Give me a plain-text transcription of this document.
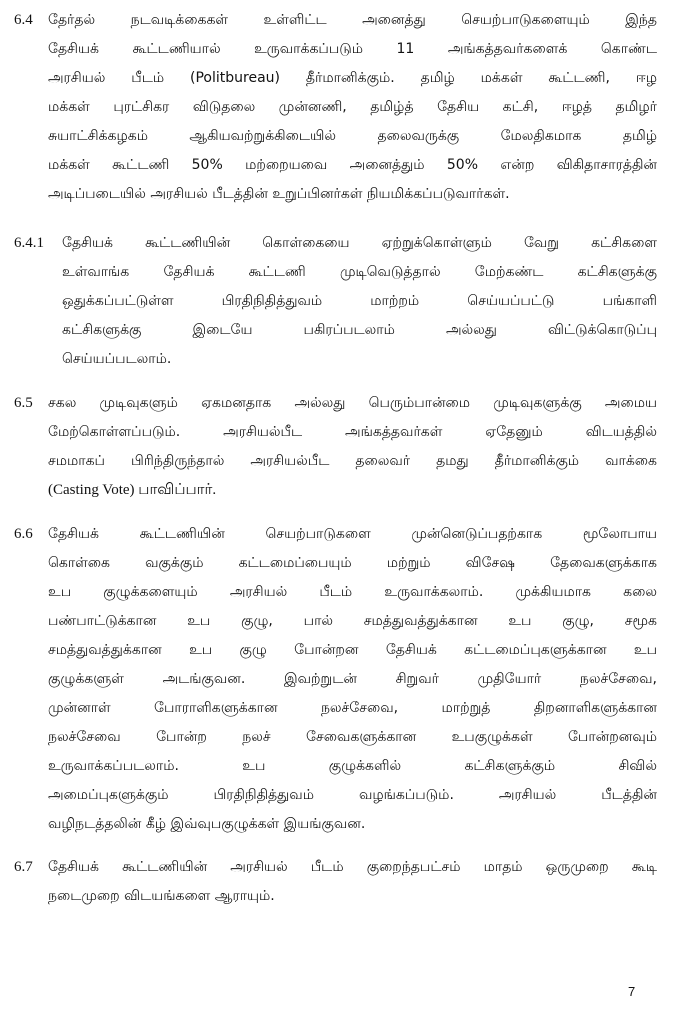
6.4 தேர்தல் நடவடிக்கைகள் உள்ளிட்ட அனைத்து செயற்பாடுகளையும் இந்த
தேசியக் கூட்டணியால் உருவாக்கப்படும் 11 அங்கத்தவர்களைக் கொண்ட
அரசியல் பீடம் (Politbureau) தீர்மானிக்கும். தமிழ் மக்கள் கூட்டணி, ஈழ
மக்கள் புரட்சிகர விடுதலை முன்னணி, தமிழ்த் தேசிய கட்சி, ஈழத் தமிழர்
சுயாட்சிக்கழகம் ஆகியவற்றுக்கிடையில் தலைவருக்கு மேலதிகமாக தமிழ்
மக்கள் கூட்டணி 50% மற்றையவை அனைத்தும் 50% என்ற விகிதாசாரத்தின்
அடிப்படையில் அரசியல் பீடத்தின் உறுப்பினர்கள் நியமிக்கப்படுவார்கள்.
6.4.1 தேசியக் கூட்டணியின் கொள்கையை ஏற்றுக்கொள்ளும் வேறு கட்சிகளை
உள்வாங்க தேசியக் கூட்டணி முடிவெடுத்தால் மேற்கண்ட கட்சிகளுக்கு
ஒதுக்கப்பட்டுள்ள பிரதிநிதித்துவம் மாற்றம் செய்யப்பட்டு பங்காளி
கட்சிகளுக்கு இடையே பகிரப்படலாம் அல்லது விட்டுக்கொடுப்பு
செய்யப்படலாம்.
6.5 சகல முடிவுகளும் ஏகமனதாக அல்லது பெரும்பான்மை முடிவுகளுக்கு அமைய
மேற்கொள்ளப்படும். அரசியல்பீட அங்கத்தவர்கள் ஏதேனும் விடயத்தில்
சமமாகப் பிரிந்திருந்தால் அரசியல்பீட தலைவர் தமது தீர்மானிக்கும் வாக்கை
(Casting Vote) பாவிப்பார்.
6.6 தேசியக் கூட்டணியின் செயற்பாடுகளை முன்னெடுப்பதற்காக மூலோபாய
கொள்கை வகுக்கும் கட்டமைப்பையும் மற்றும் விசேஷ தேவைகளுக்காக
உப குழுக்களையும் அரசியல் பீடம் உருவாக்கலாம். முக்கியமாக கலை
பண்பாட்டுக்கான உப குழு, பால் சமத்துவத்துக்கான உப குழு, சமூக
சமத்துவத்துக்கான உப குழு போன்றன தேசியக் கட்டமைப்புகளுக்கான உப
குழுக்களுள் அடங்குவன. இவற்றுடன் சிறுவர் முதியோர் நலச்சேவை,
முன்னாள் போராளிகளுக்கான நலச்சேவை, மாற்றுத் திறனாளிகளுக்கான
நலச்சேவை போன்ற நலச் சேவைகளுக்கான உபகுழுக்கள் போன்றனவும்
உருவாக்கப்படலாம். உப குழுக்களில் கட்சிகளுக்கும் சிவில்
அமைப்புகளுக்கும் பிரதிநிதித்துவம் வழங்கப்படும். அரசியல் பீடத்தின்
வழிநடத்தலின் கீழ் இவ்வுபகுழுக்கள் இயங்குவன.
6.7 தேசியக் கூட்டணியின் அரசியல் பீடம் குறைந்தபட்சம் மாதம் ஒருமுறை கூடி
நடைமுறை விடயங்களை ஆராயும்.
7
